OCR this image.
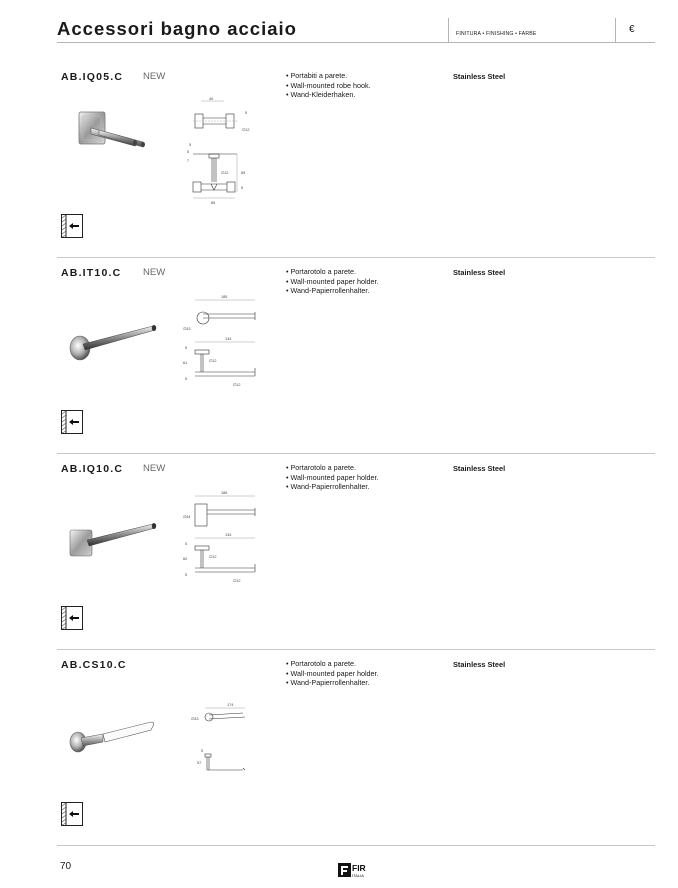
Accessori bagno acciaio	FINITURA • FINISHING • FARBE	€
AB.IQ05.C NEW	• Portabiti a parete.
• Wall-mounted robe hook.
• Wand-Kleiderhaken.
Stainless Steel
40
5
∅12
5
5
7
∅12	65
5
85
AB.IT10.C NEW	• Portarotolo a parete.
• Wall-mounted paper holder.
• Wand-Papierrollenhalter.
Stainless Steel
185
∅43
134
5
61	∅12
5
∅12
AB.IQ10.C NEW	• Portarotolo a parete.
• Wall-mounted paper holder.
• Wand-Papierrollenhalter.
Stainless Steel
186
∅44
134
5
60	∅12
5
∅12
AB.CS10.C	• Portarotolo a parete.
• Wall-mounted paper holder.
• Wand-Papierrollenhalter.
Stainless Steel
174
∅43
5
57
70	FIR
ITALIA
